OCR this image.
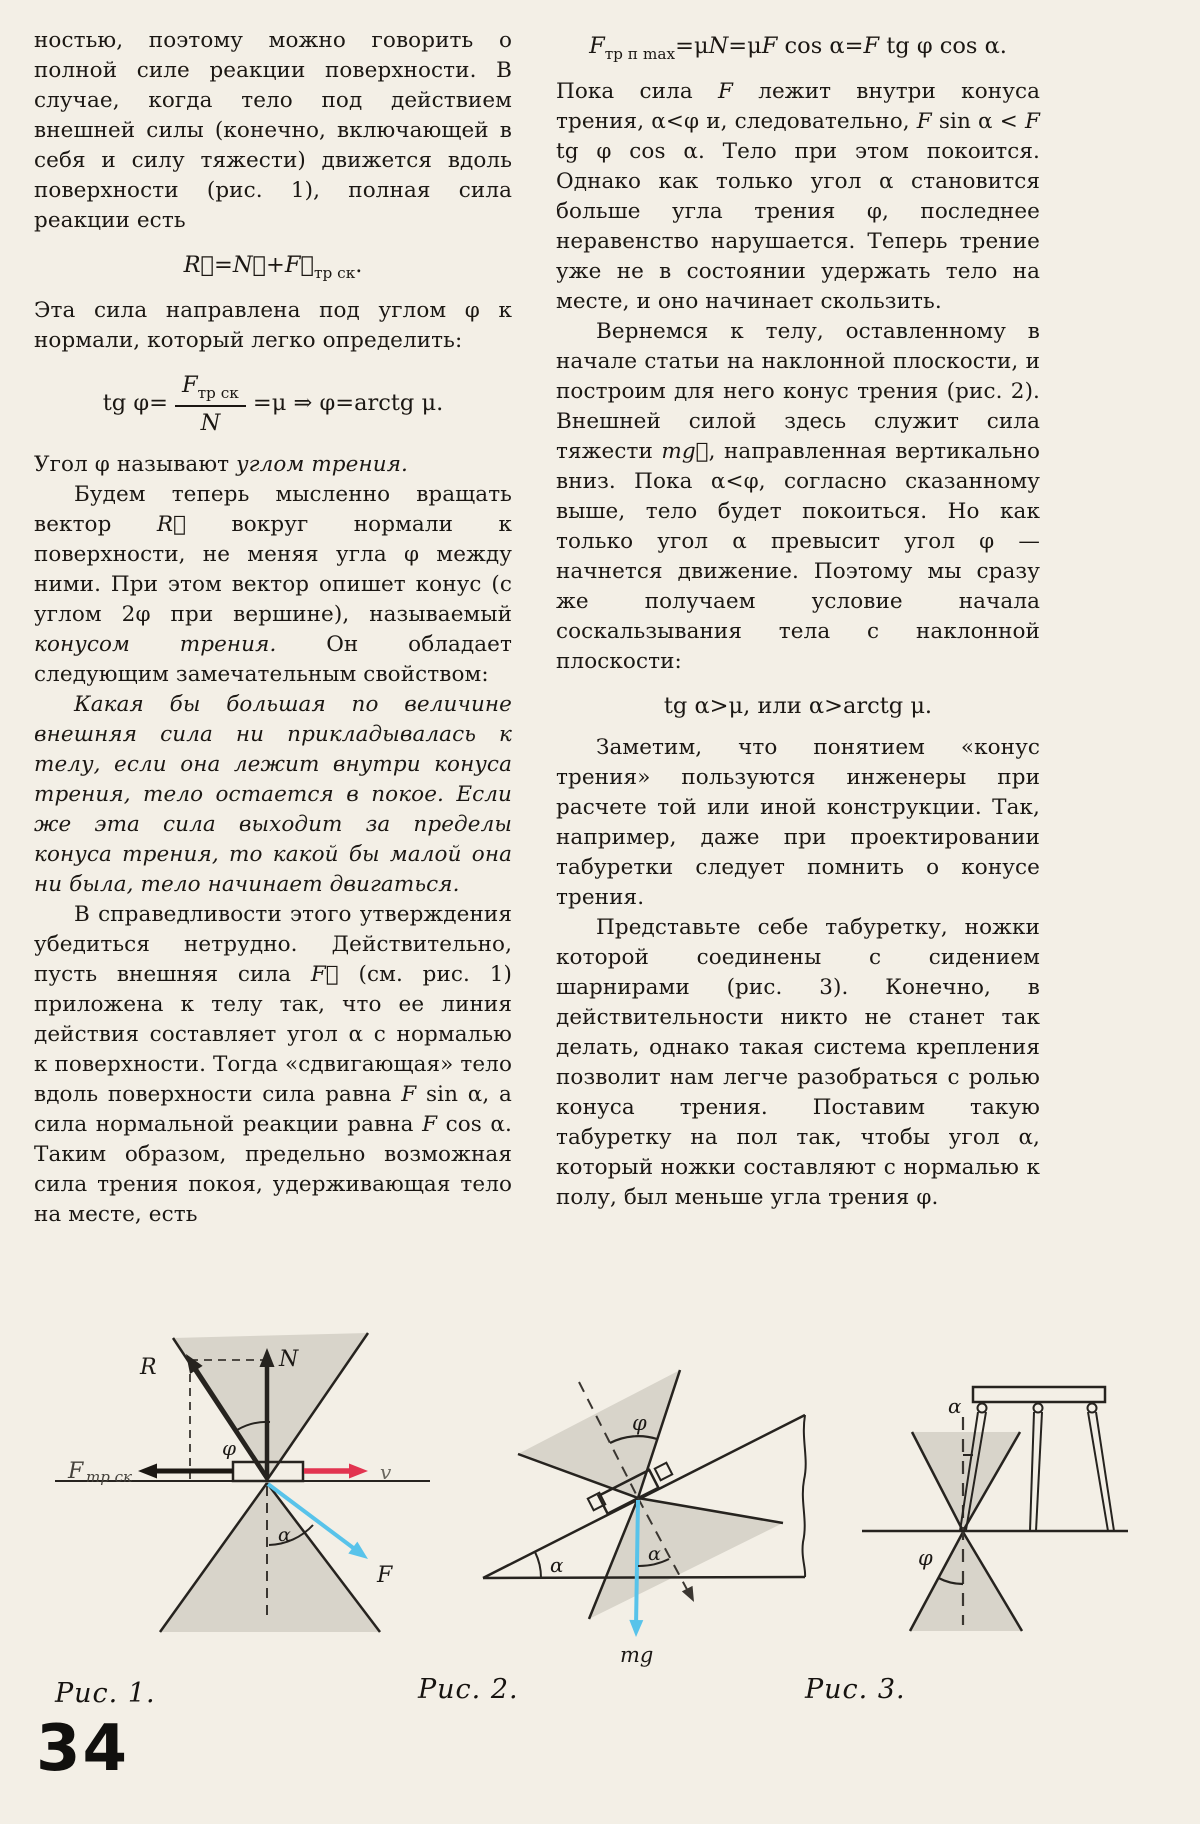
ностью, поэтому можно говорить о полной силе реакции поверхности. В случае, когда тело под действием внешней силы (конечно, включающей в себя и силу тяжести) движется вдоль поверхности (рис. 1), полная сила реакции есть

$R⃗=N⃗+F⃗_{тр ск}$.

Эта сила направлена под углом φ к нормали, который легко определить:

tg $\varphi= \frac{F_{тр ск}}{N} =\mu$ ⇒ φ=arctg μ.

Угол φ называют углом трения.

Будем теперь мысленно вращать вектор R⃗ вокруг нормали к поверхности, не меняя угла φ между ними. При этом вектор опишет конус (с углом 2φ при вершине), называемый конусом трения. Он обладает следующим замечательным свойством:

Какая бы большая по величине внешняя сила ни прикладывалась к телу, если она лежит внутри конуса трения, тело остается в покое. Если же эта сила выходит за пределы конуса трения, то какой бы малой она ни была, тело начинает двигаться.

В справедливости этого утверждения убедиться нетрудно. Действительно, пусть внешняя сила F⃗ (см. рис. 1) приложена к телу так, что ее линия действия составляет угол α с нормалью к поверхности. Тогда «сдвигающая» тело вдоль поверхности сила равна F sin α, а сила нормальной реакции равна F cos α. Таким образом, предельно возможная сила трения покоя, удерживающая тело на месте, есть

$F_{тр п max}=\mu N=\mu F$ cos α=F tg φ cos α.

Пока сила F лежит внутри конуса трения, α<φ и, следовательно, F sin α < F tg φ cos α. Тело при этом покоится. Однако как только угол α становится больше угла трения φ, последнее неравенство нарушается. Теперь трение уже не в состоянии удержать тело на месте, и оно начинает скользить.

Вернемся к телу, оставленному в начале статьи на наклонной плоскости, и построим для него конус трения (рис. 2). Внешней силой здесь служит сила тяжести mg⃗, направленная вертикально вниз. Пока α<φ, согласно сказанному выше, тело будет покоиться. Но как только угол α превысит угол φ — начнется движение. Поэтому мы сразу же получаем условие начала соскальзывания тела с наклонной плоскости:

tg α>μ, или α>arctg μ.

Заметим, что понятием «конус трения» пользуются инженеры при расчете той или иной конструкции. Так, например, даже при проектировании табуретки следует помнить о конусе трения.

Представьте себе табуретку, ножки которой соединены с сидением шарнирами (рис. 3). Конечно, в действительности никто не станет так делать, однако такая система крепления позволит нам легче разобраться с ролью конуса трения. Поставим такую табуретку на пол так, чтобы угол α, который ножки составляют с нормалью к полу, был меньше угла трения φ.

R	N
φ
F тр ск	v
α
F
φ
α	α
mg
α
φ
Рис. 1.	Рис. 2.	Рис. 3.
34
